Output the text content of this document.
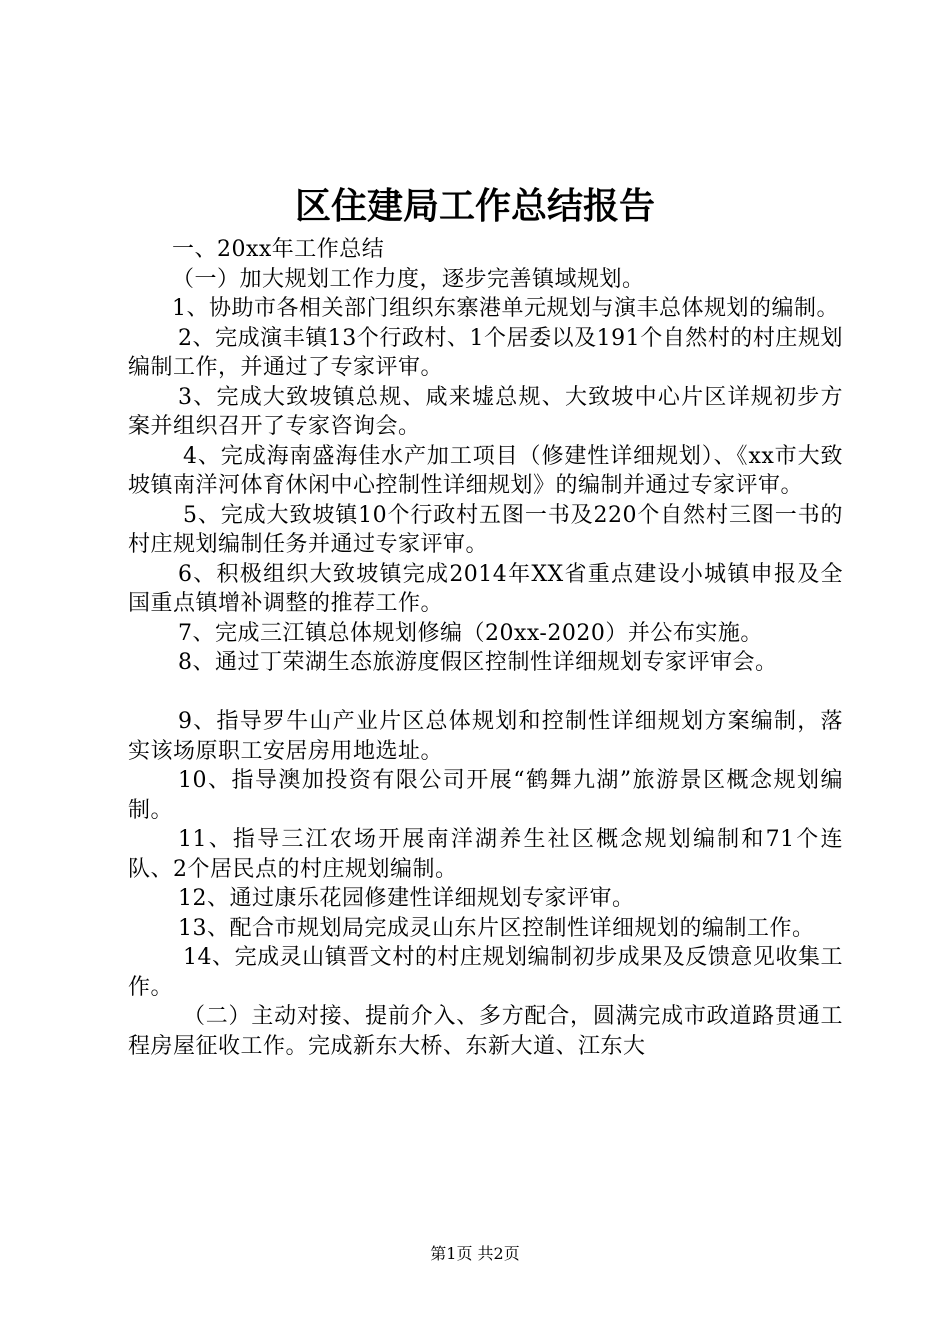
区住建局工作总结报告

一、20xx年工作总结

（一）加大规划工作力度，逐步完善镇域规划。

1、协助市各相关部门组织东寨港单元规划与演丰总体规划的编制。

2、完成演丰镇13个行政村、1个居委以及191个自然村的村庄规划编制工作，并通过了专家评审。

3、完成大致坡镇总规、咸来墟总规、大致坡中心片区详规初步方案并组织召开了专家咨询会。

4、完成海南盛海佳水产加工项目（修建性详细规划）、《xx市大致坡镇南洋河体育休闲中心控制性详细规划》的编制并通过专家评审。

5、完成大致坡镇10个行政村五图一书及220个自然村三图一书的村庄规划编制任务并通过专家评审。

6、积极组织大致坡镇完成2014年XX省重点建设小城镇申报及全国重点镇增补调整的推荐工作。

7、完成三江镇总体规划修编（20xx-2020）并公布实施。

8、通过丁荣湖生态旅游度假区控制性详细规划专家评审会。

9、指导罗牛山产业片区总体规划和控制性详细规划方案编制，落实该场原职工安居房用地选址。

10、指导澳加投资有限公司开展“鹤舞九湖”旅游景区概念规划编制。

11、指导三江农场开展南洋湖养生社区概念规划编制和71个连队、2个居民点的村庄规划编制。

12、通过康乐花园修建性详细规划专家评审。

13、配合市规划局完成灵山东片区控制性详细规划的编制工作。

14、完成灵山镇晋文村的村庄规划编制初步成果及反馈意见收集工作。

（二）主动对接、提前介入、多方配合，圆满完成市政道路贯通工程房屋征收工作。完成新东大桥、东新大道、江东大

第1页 共2页
